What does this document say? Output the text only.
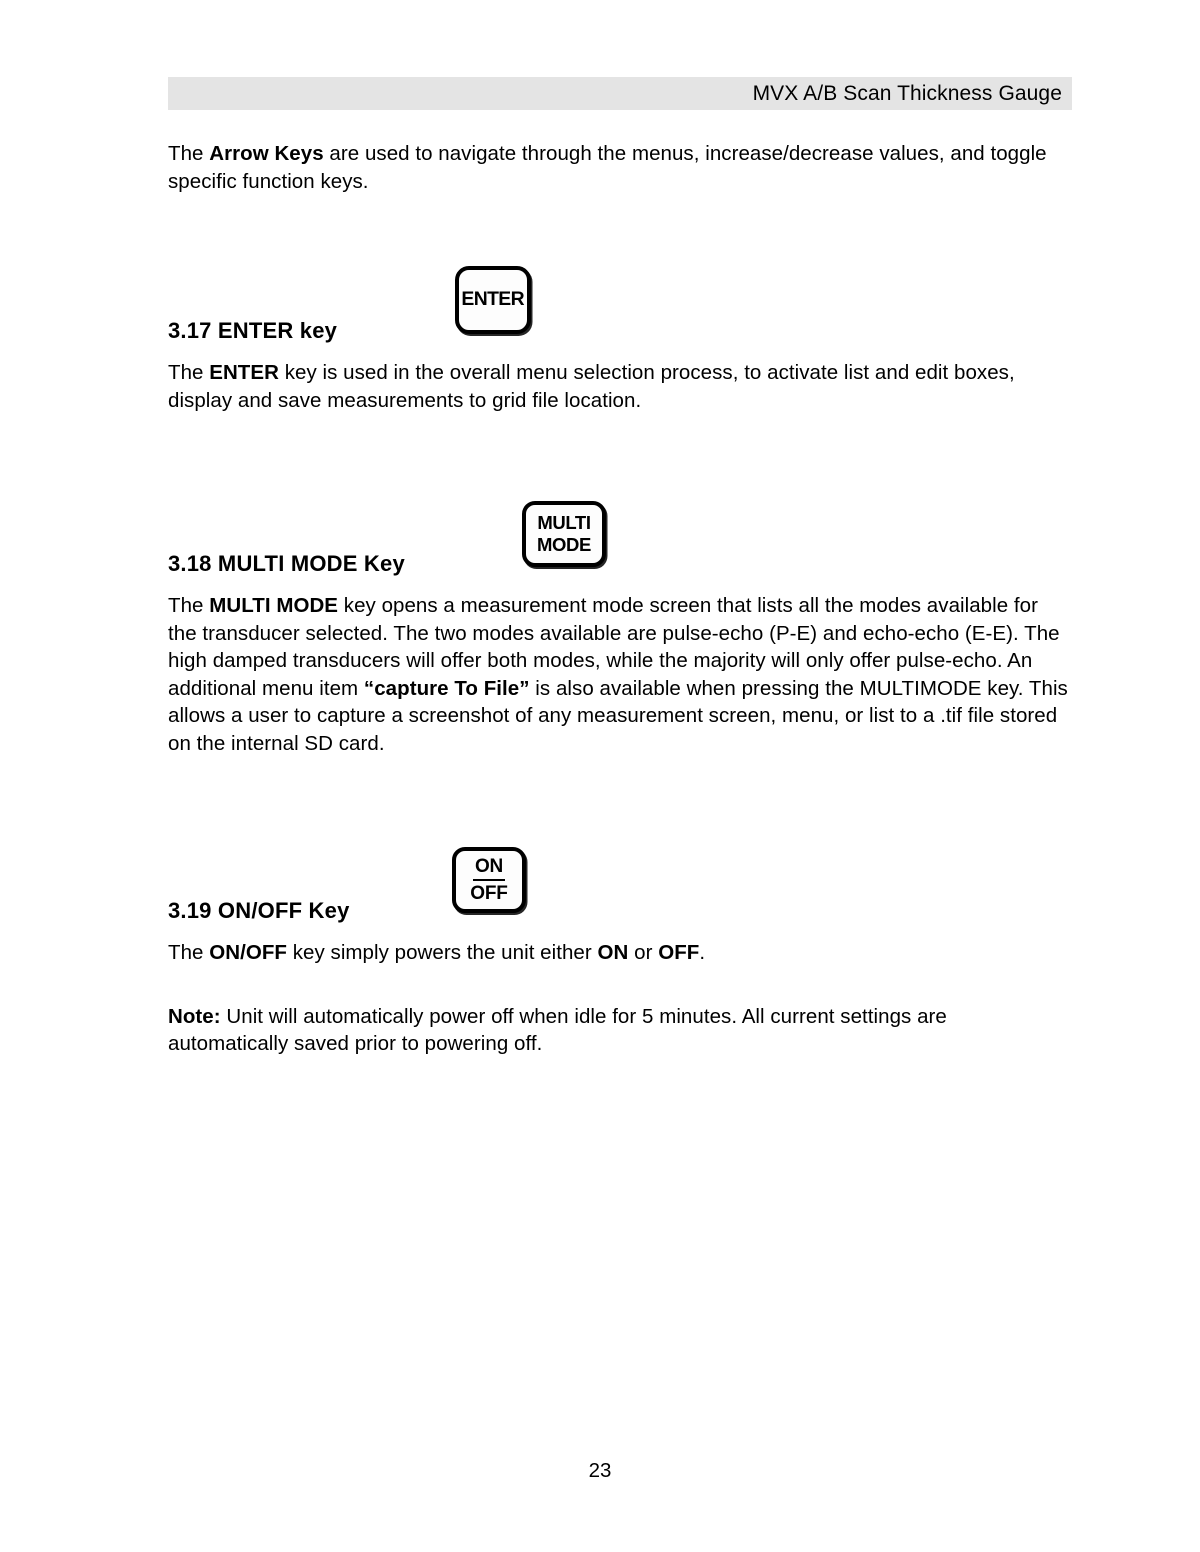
MVX A/B Scan Thickness Gauge

The Arrow Keys are used to navigate through the menus, increase/decrease values, and toggle specific function keys.

3.17 ENTER key
ENTER

The ENTER key is used in the overall menu selection process, to activate list and edit boxes, display and save measurements to grid file location.

3.18 MULTI MODE Key
MULTI
MODE

The MULTI MODE key opens a measurement mode screen that lists all the modes available for the transducer selected. The two modes available are pulse-echo (P-E) and echo-echo (E-E). The high damped transducers will offer both modes, while the majority will only offer pulse-echo. An additional menu item “capture To File” is also available when pressing the MULTIMODE key. This allows a user to capture a screenshot of any measurement screen, menu, or list to a .tif file stored on the internal SD card.

3.19 ON/OFF Key
ON
OFF

The ON/OFF key simply powers the unit either ON or OFF.

Note: Unit will automatically power off when idle for 5 minutes. All current settings are automatically saved prior to powering off.

23
